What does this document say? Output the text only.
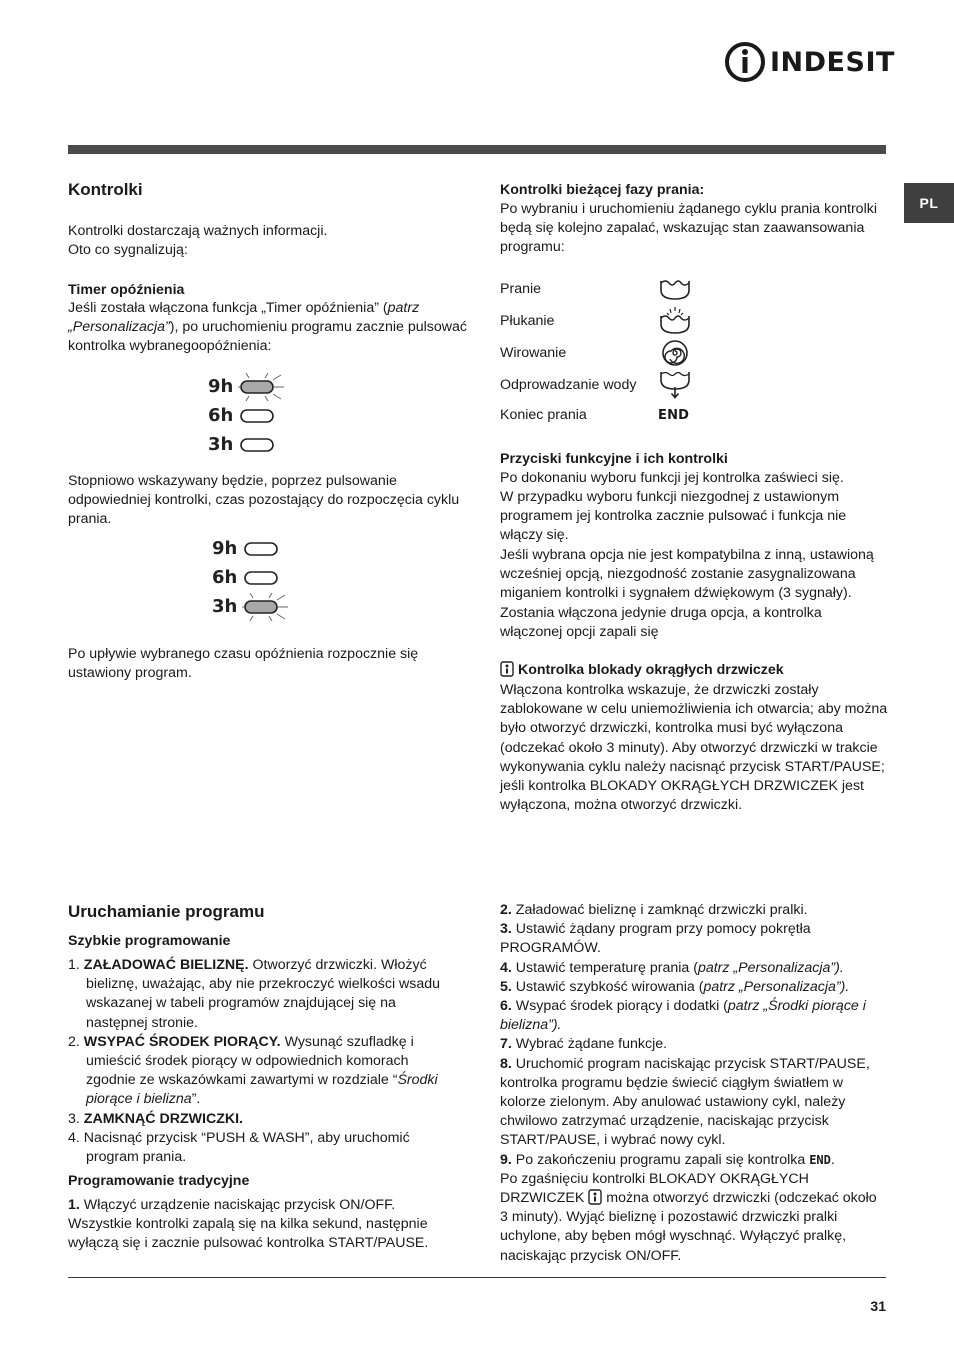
INDESIT
PL
Kontrolki

Kontrolki dostarczają ważnych informacji.

Oto co sygnalizują:

Timer opóźnienia

Jeśli została włączona funkcja „Timer opóźnienia” (patrz „Personalizacja”), po uruchomieniu programu zacznie pulsować kontrolka wybranegoopóźnienia:

9h
6h
3h

Stopniowo wskazywany będzie, poprzez pulsowanie odpowiedniej kontrolki, czas pozostający do rozpoczęcia cyklu prania.

9h
6h
3h

Po upływie wybranego czasu opóźnienia rozpocznie się ustawiony program.

Kontrolki bieżącej fazy prania:

Po wybraniu i uruchomieniu żądanego cyklu prania kontrolki będą się kolejno zapalać, wskazując stan zaawansowania programu:

Pranie
Płukanie
Wirowanie
Odprowadzanie wody
Koniec prania	END
Przyciski funkcyjne i ich kontrolki

Po dokonaniu wyboru funkcji jej kontrolka zaświeci się.

W przypadku wyboru funkcji niezgodnej z ustawionym programem jej kontrolka zacznie pulsować i funkcja nie włączy się.

Jeśli wybrana opcja nie jest kompatybilna z inną, ustawioną wcześniej opcją, niezgodność zostanie zasygnalizowana miganiem kontrolki i sygnałem dźwiękowym (3 sygnały). Zostania włączona jedynie druga opcja, a kontrolka włączonej opcji zapali się

Kontrolka blokady okrągłych drzwiczek

Włączona kontrolka wskazuje, że drzwiczki zostały zablokowane w celu uniemożliwienia ich otwarcia; aby można było otworzyć drzwiczki, kontrolka musi być wyłączona (odczekać około 3 minuty). Aby otworzyć drzwiczki w trakcie wykonywania cyklu należy nacisnąć przycisk START/PAUSE; jeśli kontrolka BLOKADY OKRĄGŁYCH DRZWICZEK jest wyłączona, można otworzyć drzwiczki.

Uruchamianie programu
Szybkie programowanie
1. ZAŁADOWAĆ BIELIZNĘ. Otworzyć drzwiczki. Włożyć bieliznę, uważając, aby nie przekroczyć wielkości wsadu wskazanej w tabeli programów znajdującej się na następnej stronie.
2. WSYPAĆ ŚRODEK PIORĄCY. Wysunąć szufladkę i umieścić środek piorący w odpowiednich komorach zgodnie ze wskazówkami zawartymi w rozdziale “Środki piorące i bielizna”.
3. ZAMKNĄĆ DRZWICZKI.
4. Nacisnąć przycisk “PUSH & WASH”, aby uruchomić program prania.
Programowanie tradycyjne
1. Włączyć urządzenie naciskając przycisk ON/OFF. Wszystkie kontrolki zapalą się na kilka sekund, następnie wyłączą się i zacznie pulsować kontrolka START/PAUSE.
2. Załadować bieliznę i zamknąć drzwiczki pralki.
3. Ustawić żądany program przy pomocy pokrętła PROGRAMÓW.
4. Ustawić temperaturę prania (patrz „Personalizacja”).
5. Ustawić szybkość wirowania (patrz „Personalizacja”).
6. Wsypać środek piorący i dodatki (patrz „Środki piorące i bielizna”).
7. Wybrać żądane funkcje.
8. Uruchomić program naciskając przycisk START/PAUSE, kontrolka programu będzie świecić ciągłym światłem w kolorze zielonym. Aby anulować ustawiony cykl, należy chwilowo zatrzymać urządzenie, naciskając przycisk START/PAUSE, i wybrać nowy cykl.
9. Po zakończeniu programu zapali się kontrolka END.
Po zgaśnięciu kontrolki BLOKADY OKRĄGŁYCH DRZWICZEK można otworzyć drzwiczki (odczekać około 3 minuty). Wyjąć bieliznę i pozostawić drzwiczki pralki uchylone, aby bęben mógł wyschnąć. Wyłączyć pralkę, naciskając przycisk ON/OFF.
31
